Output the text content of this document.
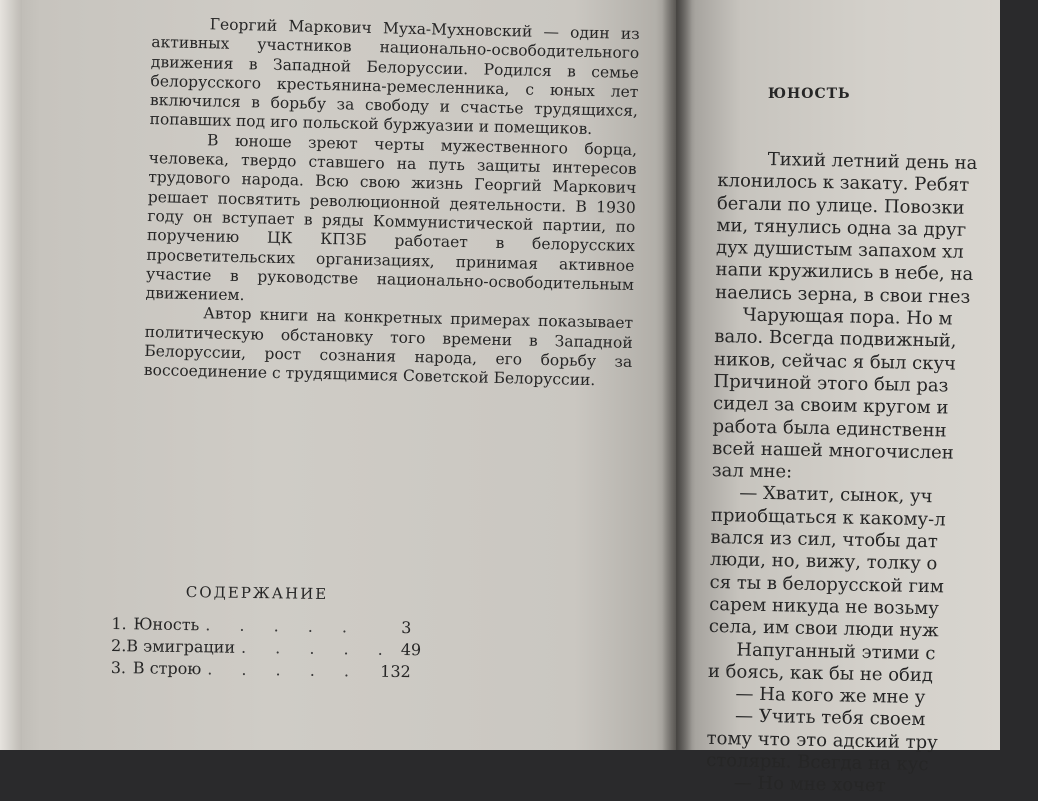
Георгий Маркович Муха-Мухновский — один из активных участников национально-освободительного движения в Западной Белоруссии. Родился в семье белорусского крестьянина-ремесленника, с юных лет включился в борьбу за свободу и счастье трудящихся, попавших под иго польской буржуазии и помещиков.

В юноше зреют черты мужественного борца, человека, твердо ставшего на путь защиты интересов трудового народа. Всю свою жизнь Георгий Маркович решает посвятить революционной деятельности. В 1930 году он вступает в ряды Коммунистической партии, по поручению ЦК КПЗБ работает в белорусских просветительских организациях, принимая активное участие в руководстве национально-освободительным движением.

Автор книги на конкретных примерах показывает политическую обстановку того времени в Западной Белоруссии, рост сознания народа, его борьбу за воссоединение с трудящимися Советской Белоруссии.

СОДЕРЖАНИЕ
1. Юность . . . . .	3
2. В эмиграции . . . . . 49
3. В строю . . . . .	132
ЮНОСТЬ
Тихий летний день на
клонилось к закату. Ребят
бегали по улице. Повозки
ми, тянулись одна за друг
дух душистым запахом хл
напи кружились в небе, на
наелись зерна, в свои гнез
Чарующая пора. Но м
вало. Всегда подвижный,
ников, сейчас я был скуч
Причиной этого был раз
сидел за своим кругом и
работа была единственн
всей нашей многочислен
зал мне:
— Хватит, сынок, уч
приобщаться к какому-л
вался из сил, чтобы дат
люди, но, вижу, толку о
ся ты в белорусской гим
сарем никуда не возьму
села, им свои люди нуж
Напуганный этими с
и боясь, как бы не обид
— На кого же мне у
— Учить тебя своем
тому что это адский тру
столяры. Всегда на кус
— Но мне хочет
